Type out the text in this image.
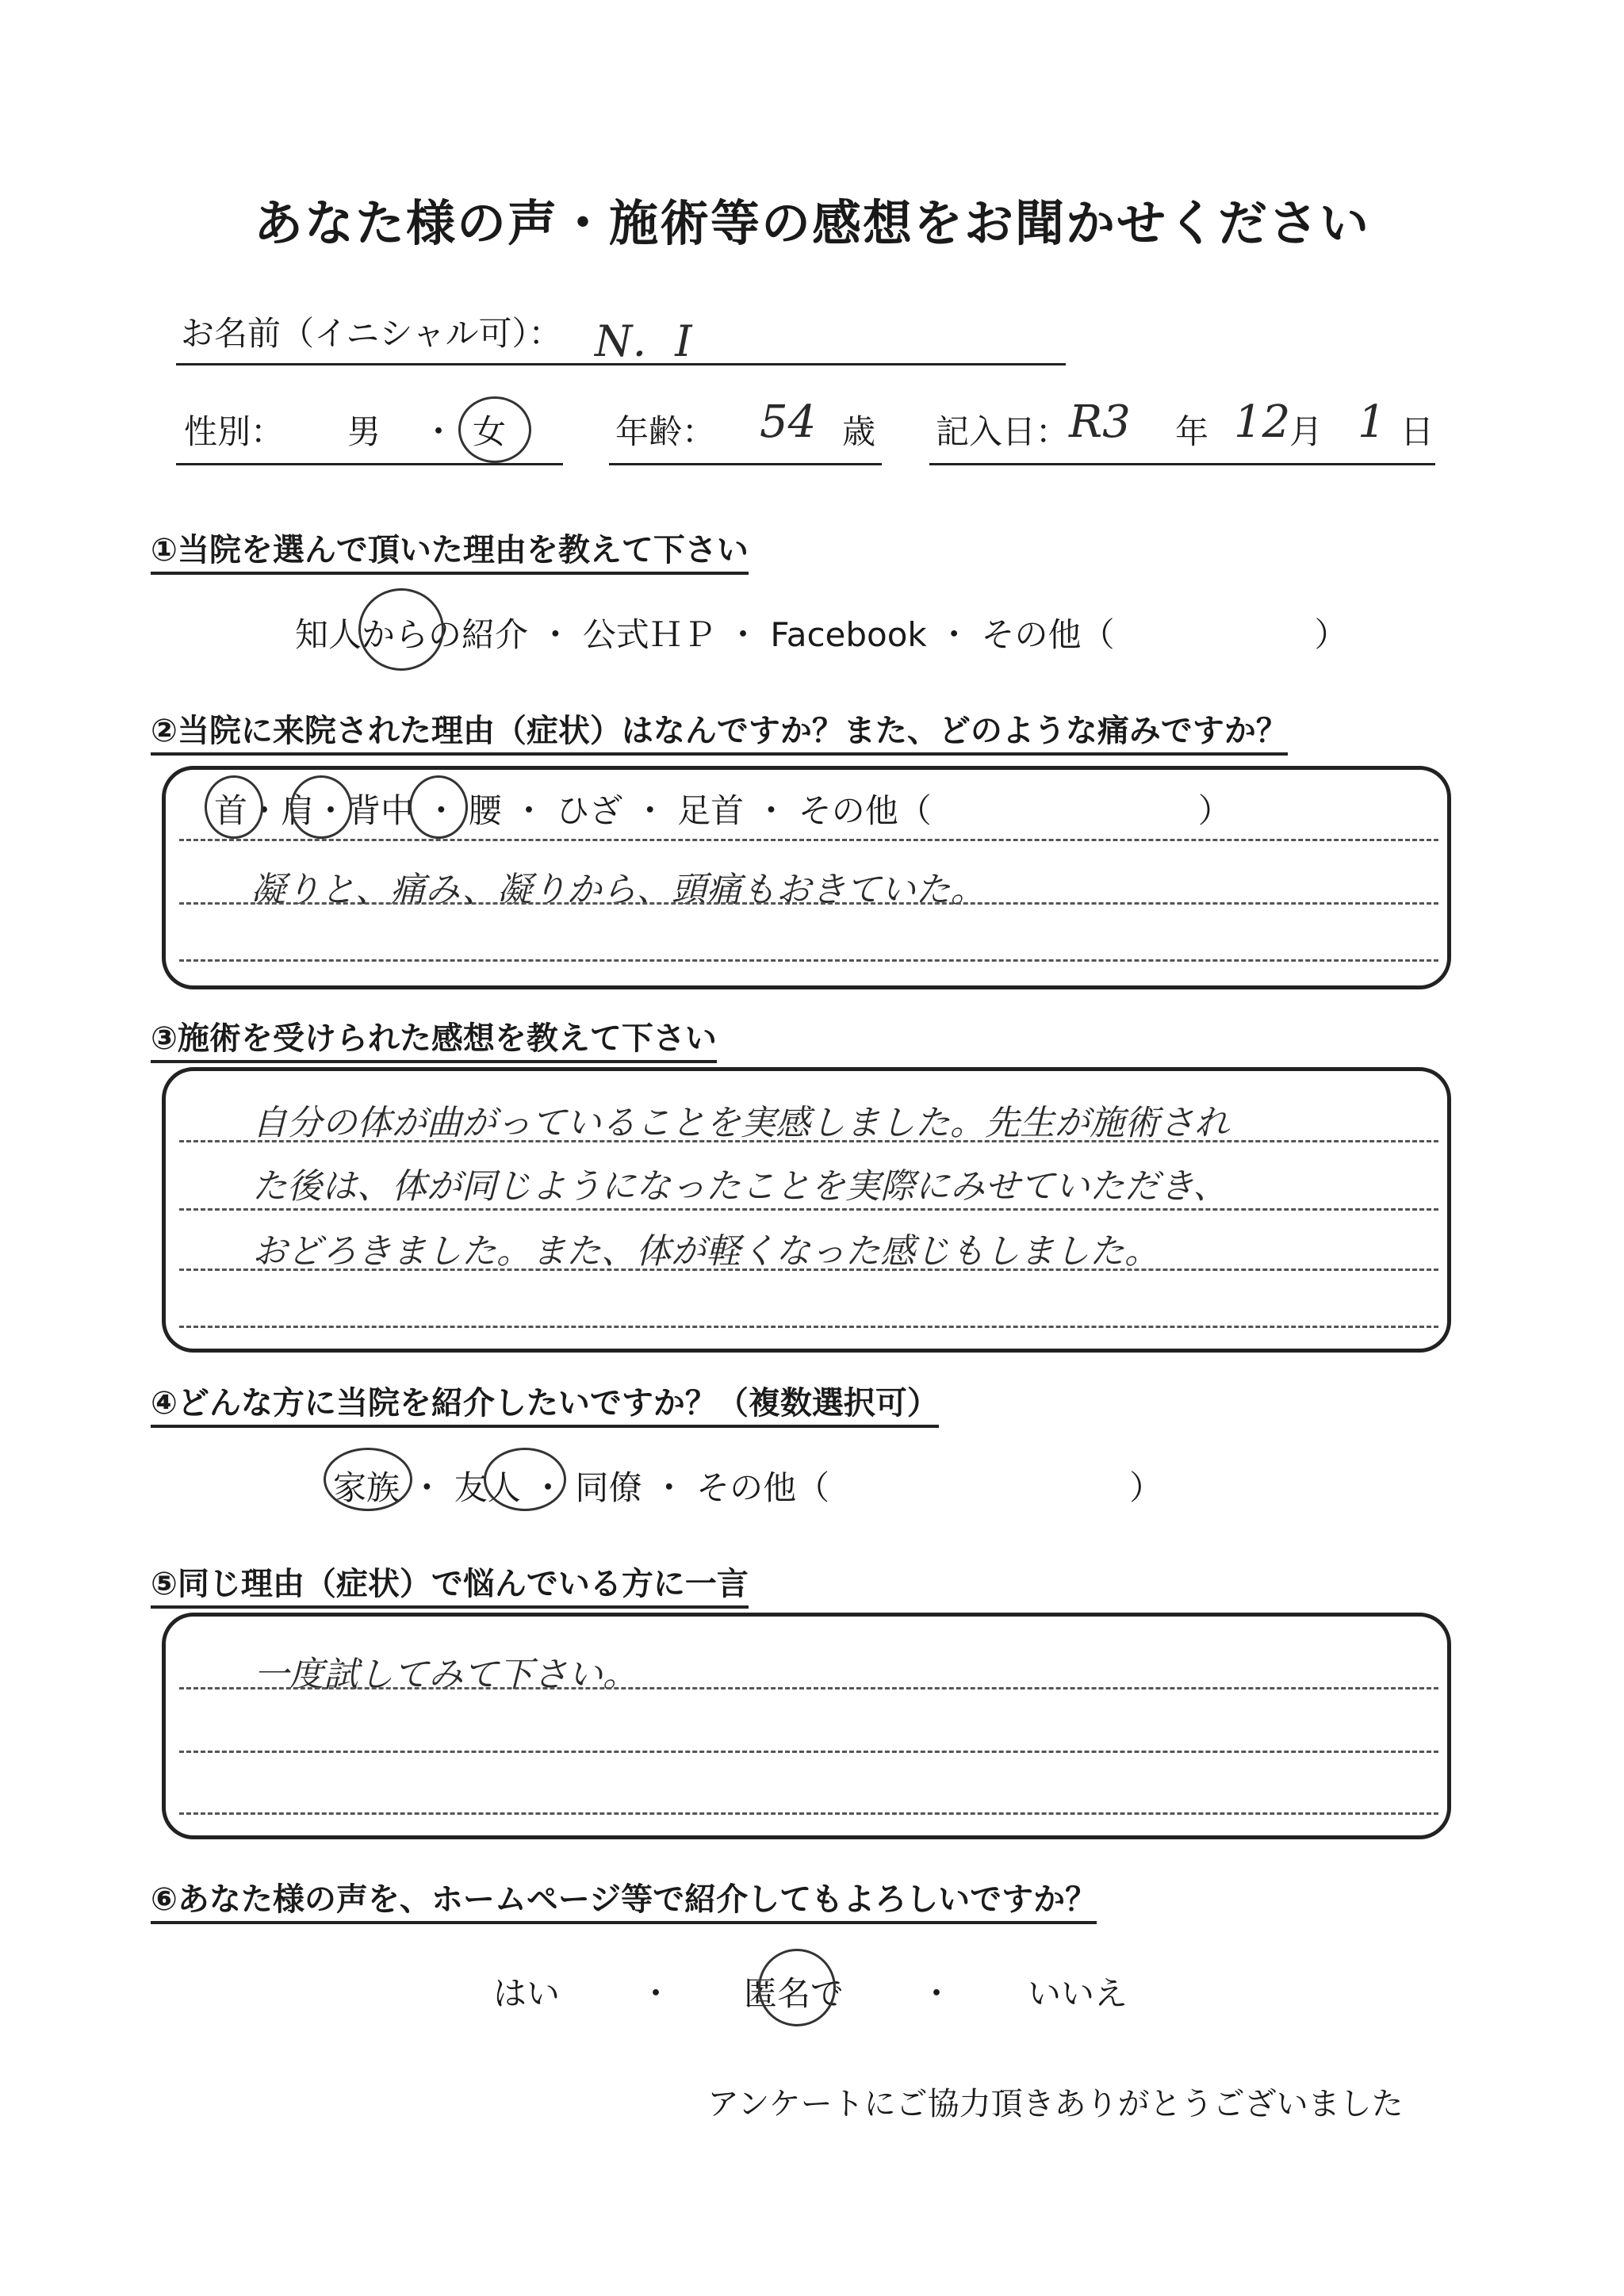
あなた様の声・施術等の感想をお聞かせください
お名前（イニシャル可）： N．I
性別： 男 ・ 女	年齢： 54 歳 記入日： R3 年 12
月 1 日
①当院を選んで頂いた理由を教えて下さい
知人からの紹介 ・ 公式ＨＰ ・ Facebook ・ その他（　　　　　　）
②当院に来院された理由（症状）はなんですか？また、どのような痛みですか？
首・肩・背中 ・ 腰 ・ ひざ ・ 足首 ・ その他（　　　　　　　　）
凝りと、痛み、凝りから、頭痛もおきていた。
③施術を受けられた感想を教えて下さい
自分の体が曲がっていることを実感しました。先生が施術され
た後は、体が同じようになったことを実際にみせていただき、
おどろきました。また、体が軽くなった感じもしました。
④どんな方に当院を紹介したいですか？（複数選択可）
家族 ・ 友人 ・ 同僚 ・ その他（　　　　　　　　　）
⑤同じ理由（症状）で悩んでいる方に一言
一度試してみて下さい。
⑥あなた様の声を、ホームページ等で紹介してもよろしいですか？
はい ・ 匿名で ・ いいえ
アンケートにご協力頂きありがとうございました
